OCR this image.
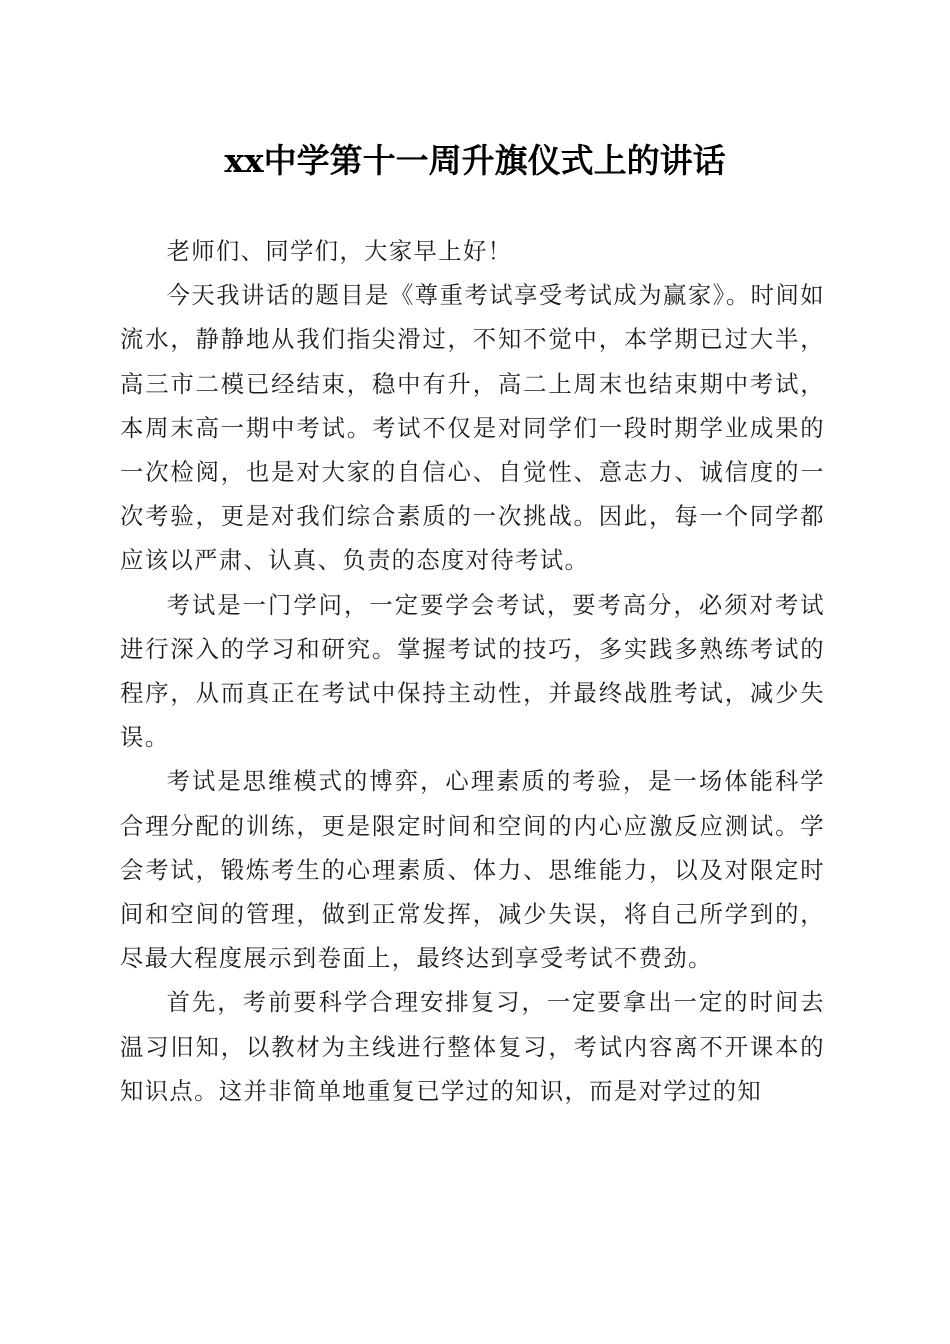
xx中学第十一周升旗仪式上的讲话

老师们、同学们，大家早上好！

今天我讲话的题目是《尊重考试享受考试成为赢家》。时间如流水，静静地从我们指尖滑过，不知不觉中，本学期已过大半，高三市二模已经结束，稳中有升，高二上周末也结束期中考试，本周末高一期中考试。考试不仅是对同学们一段时期学业成果的一次检阅，也是对大家的自信心、自觉性、意志力、诚信度的一次考验，更是对我们综合素质的一次挑战。因此，每一个同学都应该以严肃、认真、负责的态度对待考试。

考试是一门学问，一定要学会考试，要考高分，必须对考试进行深入的学习和研究。掌握考试的技巧，多实践多熟练考试的程序，从而真正在考试中保持主动性，并最终战胜考试，减少失误。

考试是思维模式的博弈，心理素质的考验，是一场体能科学合理分配的训练，更是限定时间和空间的内心应激反应测试。学会考试，锻炼考生的心理素质、体力、思维能力，以及对限定时间和空间的管理，做到正常发挥，减少失误，将自己所学到的，尽最大程度展示到卷面上，最终达到享受考试不费劲。

首先，考前要科学合理安排复习，一定要拿出一定的时间去温习旧知，以教材为主线进行整体复习，考试内容离不开课本的知识点。这并非简单地重复已学过的知识，而是对学过的知
